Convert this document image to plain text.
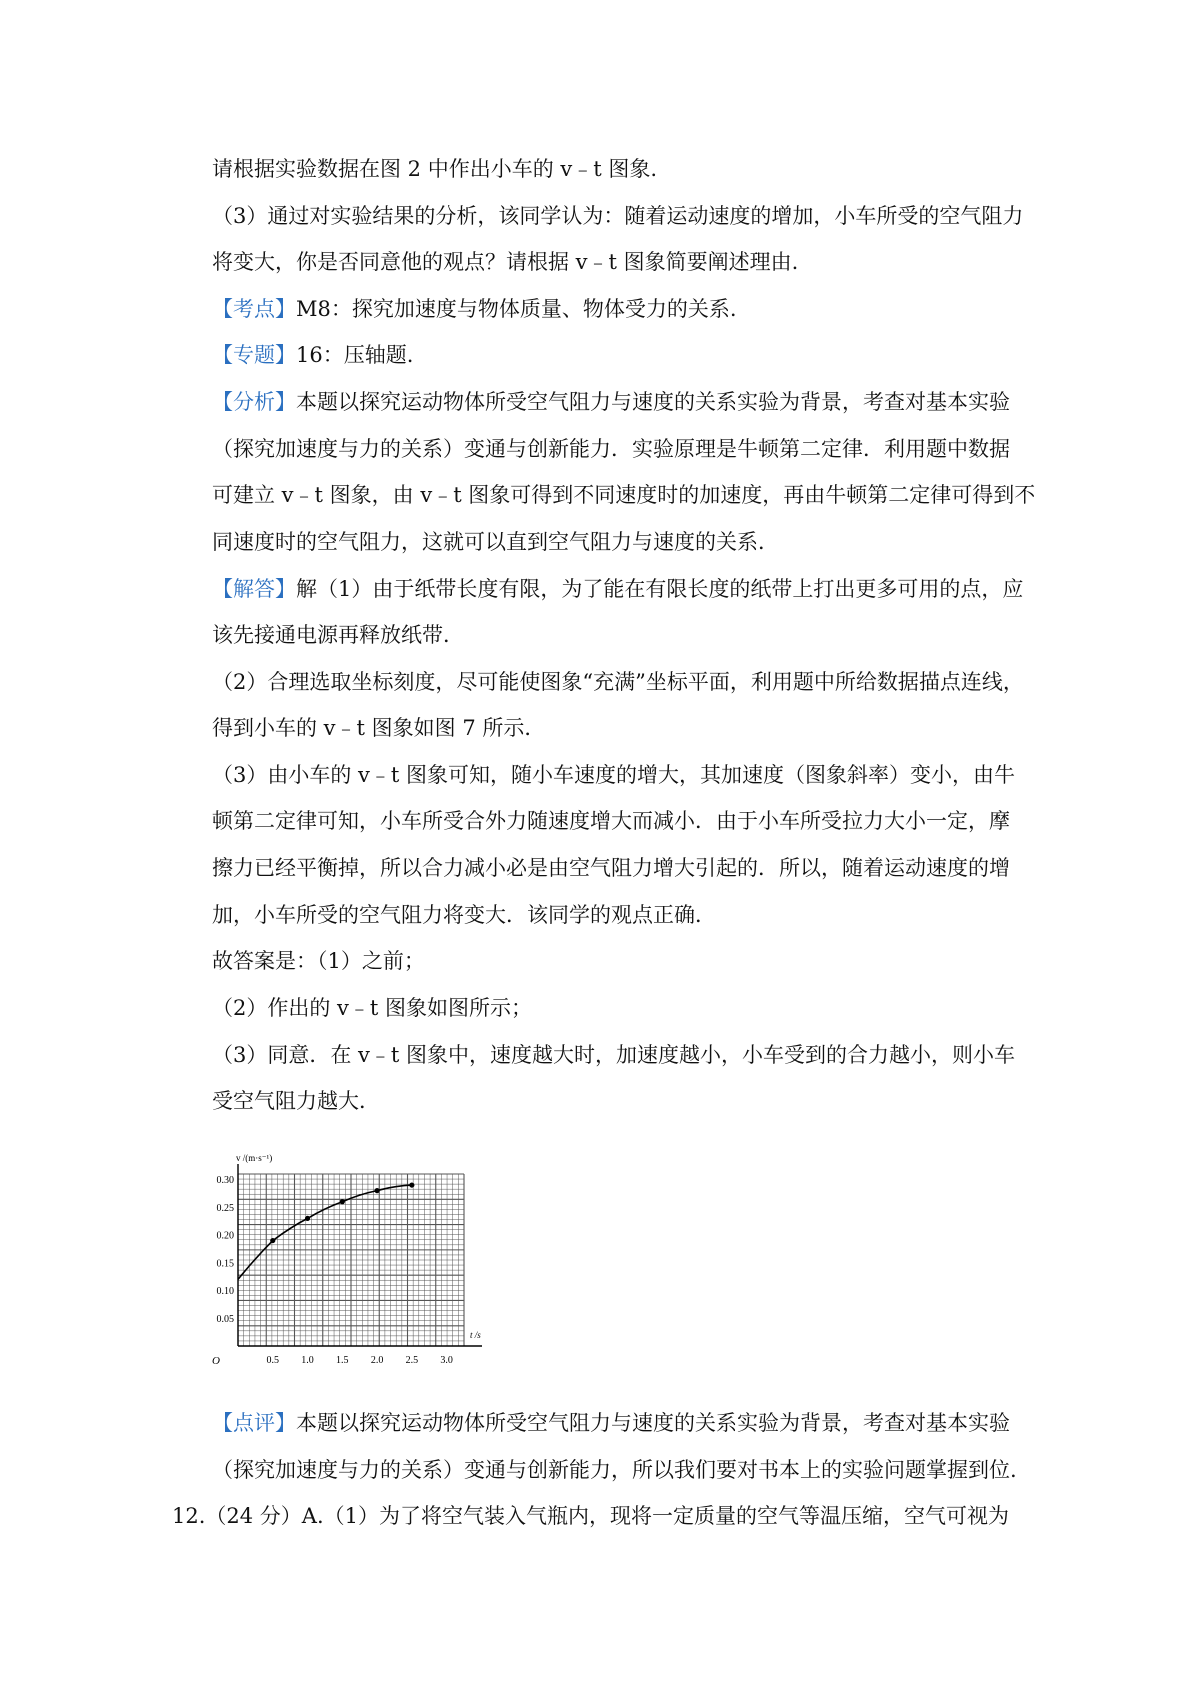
请根据实验数据在图 2 中作出小车的 v﹣t 图象.
（3）通过对实验结果的分析，该同学认为：随着运动速度的增加，小车所受的空气阻力
将变大，你是否同意他的观点？请根据 v﹣t 图象简要阐述理由.
【考点】M8：探究加速度与物体质量、物体受力的关系.
【专题】16：压轴题.
【分析】本题以探究运动物体所受空气阻力与速度的关系实验为背景，考查对基本实验
（探究加速度与力的关系）变通与创新能力．实验原理是牛顿第二定律．利用题中数据
可建立 v﹣t 图象，由 v﹣t 图象可得到不同速度时的加速度，再由牛顿第二定律可得到不
同速度时的空气阻力，这就可以直到空气阻力与速度的关系．
【解答】解（1）由于纸带长度有限，为了能在有限长度的纸带上打出更多可用的点，应
该先接通电源再释放纸带．
（2）合理选取坐标刻度，尽可能使图象“充满”坐标平面，利用题中所给数据描点连线，
得到小车的 v﹣t 图象如图 7 所示．
（3）由小车的 v﹣t 图象可知，随小车速度的增大，其加速度（图象斜率）变小，由牛
顿第二定律可知，小车所受合外力随速度增大而减小．由于小车所受拉力大小一定，摩
擦力已经平衡掉，所以合力减小必是由空气阻力增大引起的．所以，随着运动速度的增
加，小车所受的空气阻力将变大．该同学的观点正确．
故答案是：（1）之前；
（2）作出的 v﹣t 图象如图所示；
（3）同意．在 v﹣t 图象中，速度越大时，加速度越小，小车受到的合力越小，则小车
受空气阻力越大．
0.5 1.0 1.5 2.0 2.5 3.0
0.05
0.10
0.15
0.20
0.25
0.30
O
t /s
v /(m·s⁻¹)
【点评】本题以探究运动物体所受空气阻力与速度的关系实验为背景，考查对基本实验
（探究加速度与力的关系）变通与创新能力，所以我们要对书本上的实验问题掌握到位.
12.（24 分）A.（1）为了将空气装入气瓶内，现将一定质量的空气等温压缩，空气可视为
